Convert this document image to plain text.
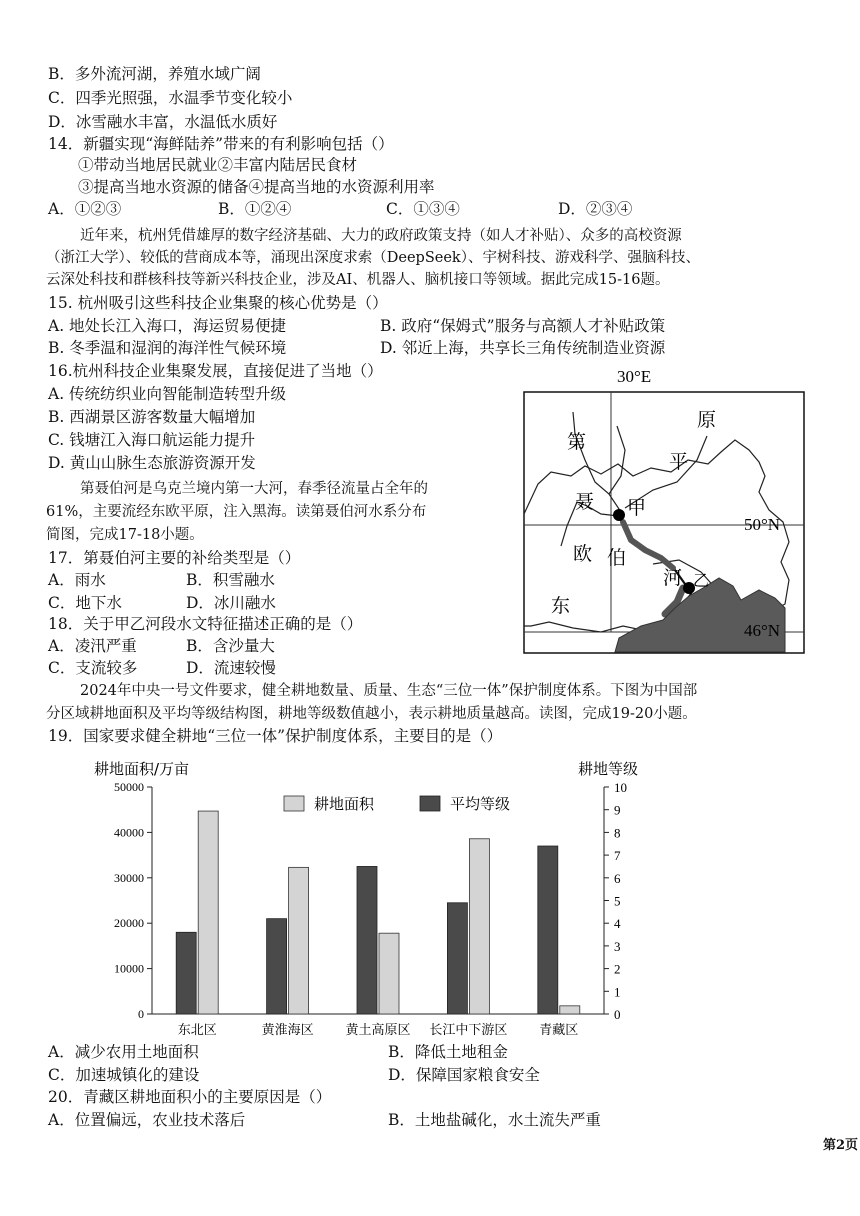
B．多外流河湖，养殖水域广阔
C．四季光照强，水温季节变化较小
D．冰雪融水丰富，水温低水质好
14．新疆实现“海鲜陆养”带来的有利影响包括（）
①带动当地居民就业②丰富内陆居民食材
③提高当地水资源的储备④提高当地的水资源利用率
A．①②③	B．①②④	C．①③④	D．②③④
近年来，杭州凭借雄厚的数字经济基础、大力的政府政策支持（如人才补贴）、众多的高校资源
（浙江大学）、较低的营商成本等，涌现出深度求索（DeepSeek）、宇树科技、游戏科学、强脑科技、
云深处科技和群核科技等新兴科技企业，涉及AI、机器人、脑机接口等领域。据此完成15-16题。
15. 杭州吸引这些科技企业集聚的核心优势是（）
A. 地处长江入海口，海运贸易便捷	B. 政府“保姆式”服务与高额人才补贴政策
B. 冬季温和湿润的海洋性气候环境	D. 邻近上海，共享长三角传统制造业资源
16.杭州科技企业集聚发展，直接促进了当地（）
A. 传统纺织业向智能制造转型升级
B. 西湖景区游客数量大幅增加
C. 钱塘江入海口航运能力提升
D. 黄山山脉生态旅游资源开发
第聂伯河是乌克兰境内第一大河，春季径流量占全年的
61%，主要流经东欧平原，注入黑海。读第聂伯河水系分布
简图，完成17-18小题。
17．第聂伯河主要的补给类型是（）
A．雨水	B．积雪融水
C．地下水	D．冰川融水
18．关于甲乙河段水文特征描述正确的是（）
A．凌汛严重	B．含沙量大
C．支流较多	D．流速较慢
30°E
50°N
46°N
第
聂
伯
河
甲
乙
原
平
欧
东
2024年中央一号文件要求，健全耕地数量、质量、生态“三位一体”保护制度体系。下图为中国部
分区域耕地面积及平均等级结构图，耕地等级数值越小，表示耕地质量越高。读图，完成19-20小题。
19．国家要求健全耕地“三位一体”保护制度体系，主要目的是（）
耕地面积/万亩	耕地等级
0
10000
20000
30000
40000
50000
0
1
2
3
4
5
6
7
8
9
10
东北区	黄淮海区 黄土高原区 长江中下游区 青藏区
耕地面积	平均等级
A．减少农用土地面积	B．降低土地租金
C．加速城镇化的建设	D．保障国家粮食安全
20．青藏区耕地面积小的主要原因是（）
A．位置偏远，农业技术落后	B．土地盐碱化，水土流失严重
第2页
